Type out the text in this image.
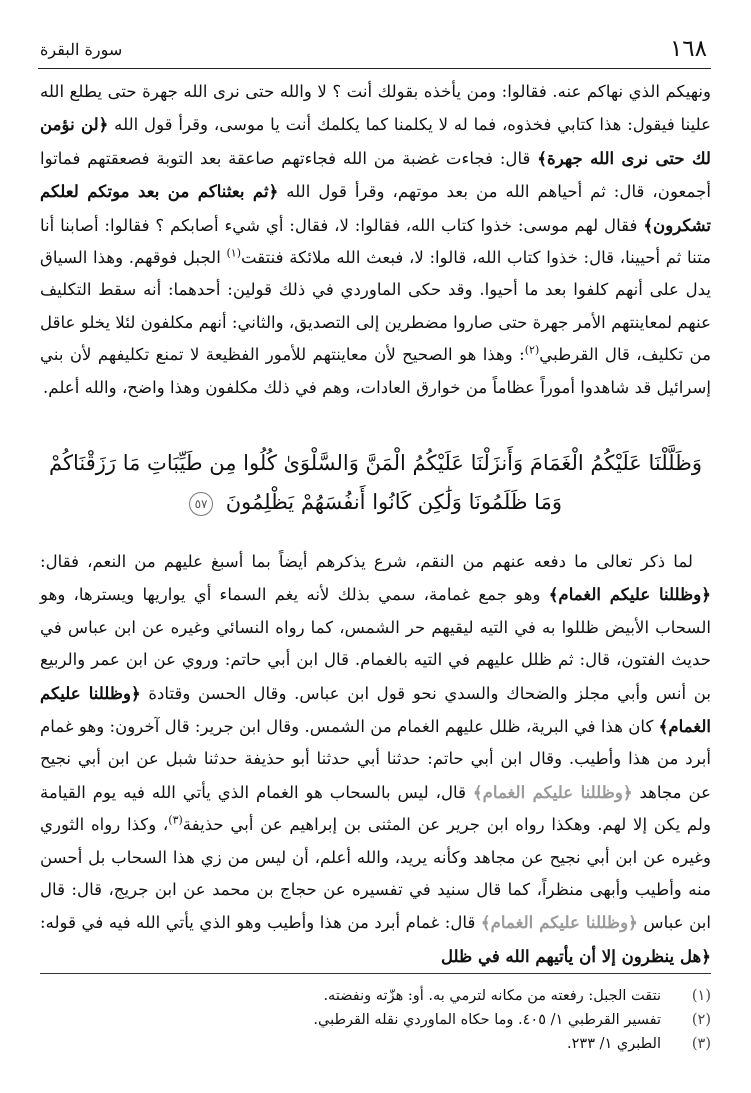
١٦٨
سورة البقرة
ونهيكم الذي نهاكم عنه. فقالوا: ومن يأخذه بقولك أنت ؟ لا والله حتى نرى الله جهرة حتى يطلع الله علينا فيقول: هذا كتابي فخذوه، فما له لا يكلمنا كما يكلمك أنت يا موسى، وقرأ قول الله ﴿لن نؤمن لك حتى نرى الله جهرة﴾ قال: فجاءت غضبة من الله فجاءتهم صاعقة بعد التوبة فصعقتهم فماتوا أجمعون، قال: ثم أحياهم الله من بعد موتهم، وقرأ قول الله ﴿ثم بعثناكم من بعد موتكم لعلكم تشكرون﴾ فقال لهم موسى: خذوا كتاب الله، فقالوا: لا، فقال: أي شيء أصابكم ؟ فقالوا: أصابنا أنا متنا ثم أحيينا، قال: خذوا كتاب الله، قالوا: لا، فبعث الله ملائكة فنتقت$^{(١)}$ الجبل فوقهم. وهذا السياق يدل على أنهم كلفوا بعد ما أحيوا. وقد حكى الماوردي في ذلك قولين: أحدهما: أنه سقط التكليف عنهم لمعاينتهم الأمر جهرة حتى صاروا مضطرين إلى التصديق، والثاني: أنهم مكلفون لئلا يخلو عاقل من تكليف، قال القرطبي$^{(٢)}$: وهذا هو الصحيح لأن معاينتهم للأمور الفظيعة لا تمنع تكليفهم لأن بني إسرائيل قد شاهدوا أموراً عظاماً من خوارق العادات، وهم في ذلك مكلفون وهذا واضح، والله أعلم.
وَظَلَّلْنَا عَلَيْكُمُ الْغَمَامَ وَأَنزَلْنَا عَلَيْكُمُ الْمَنَّ وَالسَّلْوَىٰ كُلُوا مِن طَيِّبَاتِ مَا رَزَقْنَاكُمْ وَمَا ظَلَمُونَا وَلَٰكِن كَانُوا أَنفُسَهُمْ يَظْلِمُونَ ٥٧
لما ذكر تعالى ما دفعه عنهم من النقم، شرع يذكرهم أيضاً بما أسبغ عليهم من النعم، فقال: ﴿وظللنا عليكم الغمام﴾ وهو جمع غمامة، سمي بذلك لأنه يغم السماء أي يواريها ويسترها، وهو السحاب الأبيض ظللوا به في التيه ليقيهم حر الشمس، كما رواه النسائي وغيره عن ابن عباس في حديث الفتون، قال: ثم ظلل عليهم في التيه بالغمام. قال ابن أبي حاتم: وروي عن ابن عمر والربيع بن أنس وأبي مجلز والضحاك والسدي نحو قول ابن عباس. وقال الحسن وقتادة ﴿وظللنا عليكم الغمام﴾ كان هذا في البرية، ظلل عليهم الغمام من الشمس. وقال ابن جرير: قال آخرون: وهو غمام أبرد من هذا وأطيب. وقال ابن أبي حاتم: حدثنا أبي حدثنا أبو حذيفة حدثنا شبل عن ابن أبي نجيح عن مجاهد ﴿وظللنا عليكم الغمام﴾ قال، ليس بالسحاب هو الغمام الذي يأتي الله فيه يوم القيامة ولم يكن إلا لهم. وهكذا رواه ابن جرير عن المثنى بن إبراهيم عن أبي حذيفة$^{(٣)}$، وكذا رواه الثوري وغيره عن ابن أبي نجيح عن مجاهد وكأنه يريد، والله أعلم، أن ليس من زي هذا السحاب بل أحسن منه وأطيب وأبهى منظراً، كما قال سنيد في تفسيره عن حجاج بن محمد عن ابن جريج، قال: قال ابن عباس ﴿وظللنا عليكم الغمام﴾ قال: غمام أبرد من هذا وأطيب وهو الذي يأتي الله فيه في قوله: ﴿هل ينظرون إلا أن يأتيهم الله في ظلل
(١)
نتقت الجبل: رفعته من مكانه لترمي به. أو: هزّته ونفضته.
(٢)
تفسير القرطبي ١/ ٤٠٥. وما حكاه الماوردي نقله القرطبي.
(٣)
الطبري ١/ ٢٣٣.
